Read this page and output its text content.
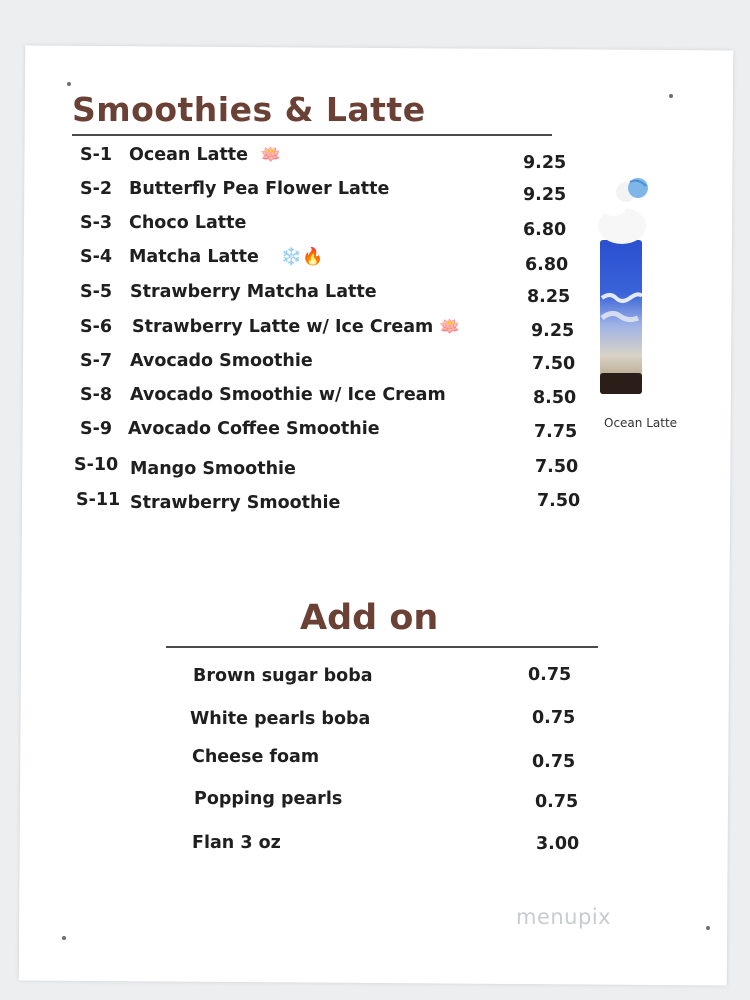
Smoothies & Latte
S-1 Ocean Latte 🪷	9.25
S-2 Butterfly Pea Flower Latte	9.25
S-3 Choco Latte	6.80
S-4 Matcha Latte ❄️🔥	6.80
S-5 Strawberry Matcha Latte	8.25
S-6 Strawberry Latte w/ Ice Cream 🪷	9.25
S-7 Avocado Smoothie	7.50
S-8 Avocado Smoothie w/ Ice Cream	8.50
S-9 Avocado Coffee Smoothie	7.75
S-10 Mango Smoothie	7.50
S-11 Strawberry Smoothie	7.50
Ocean Latte
Add on
Brown sugar boba	0.75
White pearls boba	0.75
Cheese foam	0.75
Popping pearls	0.75
Flan 3 oz	3.00
menupix
